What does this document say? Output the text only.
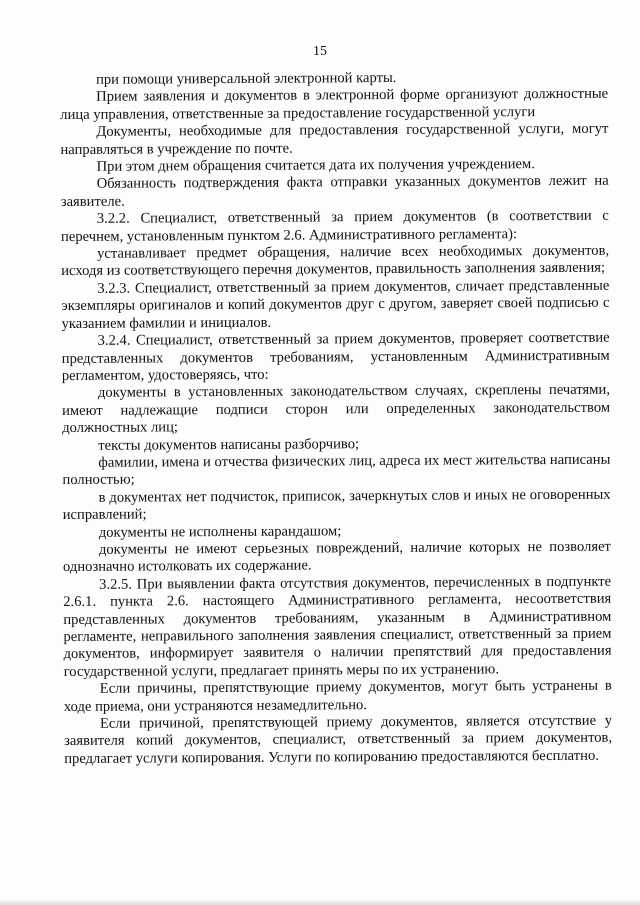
15

при помощи универсальной электронной карты.

Прием заявления и документов в электронной форме организуют должностные лица управления, ответственные за предоставление государственной услуги

Документы, необходимые для предоставления государственной услуги, могут направляться в учреждение по почте.

При этом днем обращения считается дата их получения учреждением.

Обязанность подтверждения факта отправки указанных документов лежит на заявителе.

3.2.2. Специалист, ответственный за прием документов (в соответствии с перечнем, установленным пунктом 2.6. Административного регламента):

устанавливает предмет обращения, наличие всех необходимых документов, исходя из соответствующего перечня документов, правильность заполнения заявления;

3.2.3. Специалист, ответственный за прием документов, сличает представленные экземпляры оригиналов и копий документов друг с другом, заверяет своей подписью с указанием фамилии и инициалов.

3.2.4. Специалист, ответственный за прием документов, проверяет соответствие представленных документов требованиям, установленным Административным регламентом, удостоверяясь, что:

документы в установленных законодательством случаях, скреплены печатями, имеют надлежащие подписи сторон или определенных законодательством должностных лиц;

тексты документов написаны разборчиво;

фамилии, имена и отчества физических лиц, адреса их мест жительства написаны полностью;

в документах нет подчисток, приписок, зачеркнутых слов и иных не оговоренных исправлений;

документы не исполнены карандашом;

документы не имеют серьезных повреждений, наличие которых не позволяет однозначно истолковать их содержание.

3.2.5. При выявлении факта отсутствия документов, перечисленных в подпункте 2.6.1. пункта 2.6. настоящего Административного регламента, несоответствия представленных документов требованиям, указанным в Административном регламенте, неправильного заполнения заявления специалист, ответственный за прием документов, информирует заявителя о наличии препятствий для предоставления государственной услуги, предлагает принять меры по их устранению.

Если причины, препятствующие приему документов, могут быть устранены в ходе приема, они устраняются незамедлительно.

Если причиной, препятствующей приему документов, является отсутствие у заявителя копий документов, специалист, ответственный за прием документов, предлагает услуги копирования. Услуги по копированию предоставляются бесплатно.
